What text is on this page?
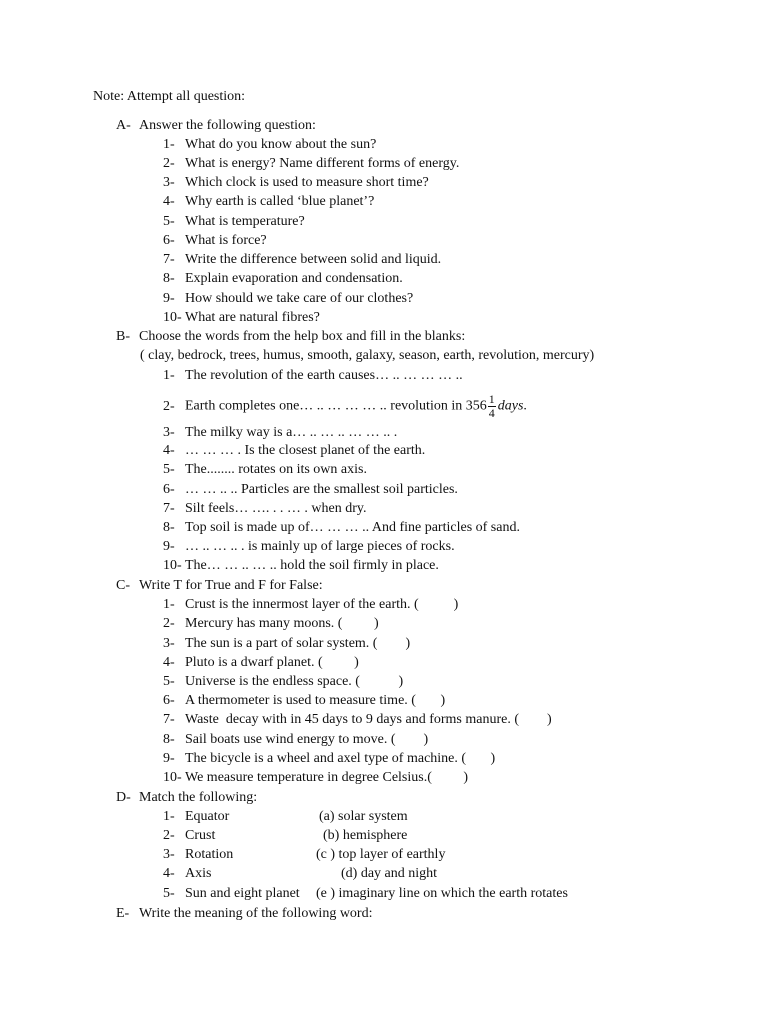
Note: Attempt all question:
A- Answer the following question:
1- What do you know about the sun?
2- What is energy? Name different forms of energy.
3- Which clock is used to measure short time?
4- Why earth is called ‘blue planet’?
5- What is temperature?
6- What is force?
7- Write the difference between solid and liquid.
8- Explain evaporation and condensation.
9- How should we take care of our clothes?
10- What are natural fibres?
B- Choose the words from the help box and fill in the blanks:
( clay, bedrock, trees, humus, smooth, galaxy, season, earth, revolution, mercury)
1- The revolution of the earth causes… .. … … … ..
2- Earth completes one… .. … … … .. revolution in $356 \frac{1}{4}$ days.
3- The milky way is a… .. … .. … … .. .
4- … … … . Is the closest planet of the earth.
5- The........ rotates on its own axis.
6- … … .. .. Particles are the smallest soil particles.
7- Silt feels… …. . . … . when dry.
8- Top soil is made up of… … … .. And fine particles of sand.
9- … .. … .. . is mainly up of large pieces of rocks.
10- The… … .. … .. hold the soil firmly in place.
C- Write T for True and F for False:
1- Crust is the innermost layer of the earth. (          )
2- Mercury has many moons. (         )
3- The sun is a part of solar system. (        )
4- Pluto is a dwarf planet. (         )
5- Universe is the endless space. (           )
6- A thermometer is used to measure time. (       )
7- Waste  decay with in 45 days to 9 days and forms manure. (        )
8- Sail boats use wind energy to move. (        )
9- The bicycle is a wheel and axel type of machine. (       )
10- We measure temperature in degree Celsius.(         )
D- Match the following:
1- Equator	(a) solar system
2- Crust	(b) hemisphere
3- Rotation	(c ) top layer of earthly
4- Axis	(d) day and night
5- Sun and eight planet (e ) imaginary line on which the earth rotates
E- Write the meaning of the following word:
